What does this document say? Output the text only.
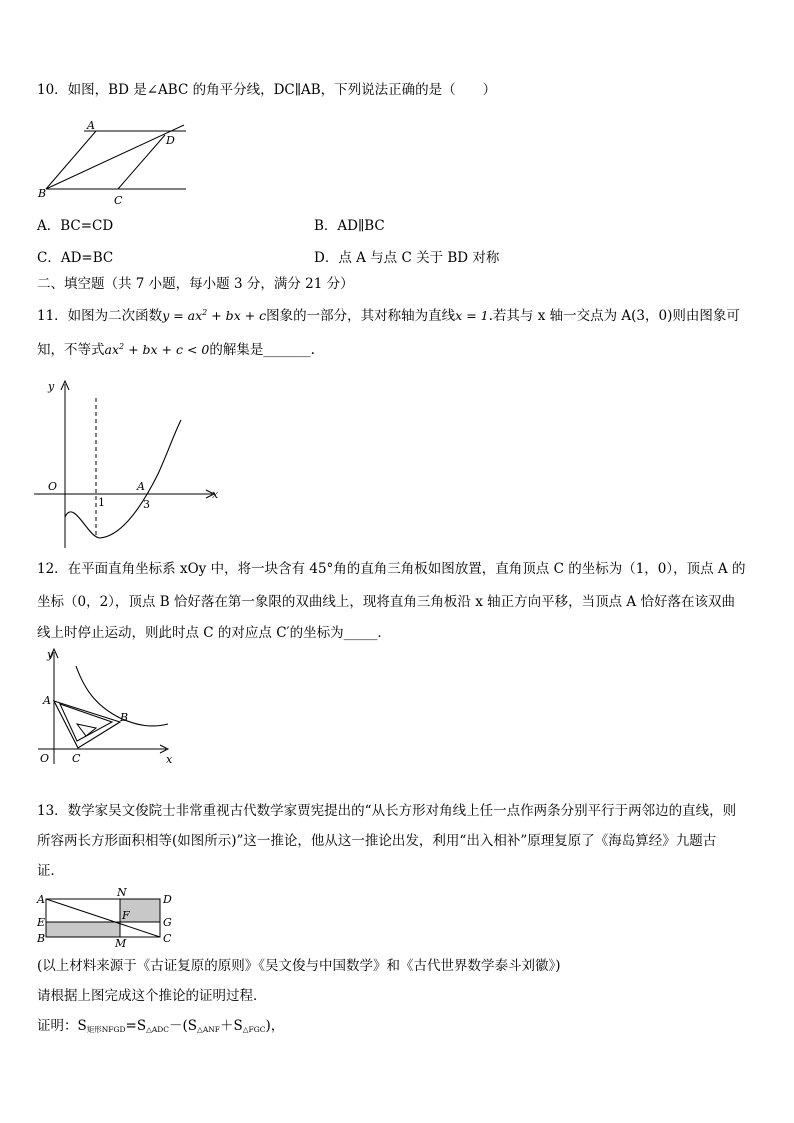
10．如图，BD 是∠ABC 的角平分线，DC∥AB，下列说法正确的是（　　）
A
D
B
C
A．BC=CD	B．AD∥BC
C．AD=BC	D．点 A 与点 C 关于 BD 对称
二、填空题（共 7 小题，每小题 3 分，满分 21 分）
11．如图为二次函数$y = ax^2$ + bx + c图象的一部分，其对称轴为直线x = 1.若其与 x 轴一交点为 A(3，0)则由图象可
知，不等式$ax^2$ + bx + c < 0的解集是_______.
y
x
O	A
1	3
12．在平面直角坐标系 xOy 中，将一块含有 45°角的直角三角板如图放置，直角顶点 C 的坐标为（1，0），顶点 A 的
坐标（0，2），顶点 B 恰好落在第一象限的双曲线上，现将直角三角板沿 x 轴正方向平移，当顶点 A 恰好落在该双曲
线上时停止运动，则此时点 C 的对应点 C′的坐标为_____．
y
x
O
A
B
C
13．数学家吴文俊院士非常重视古代数学家贾宪提出的“从长方形对角线上任一点作两条分别平行于两邻边的直线，则
所容两长方形面积相等(如图所示)”这一推论，他从这一推论出发，利用“出入相补”原理复原了《海岛算经》九题古
证．
A
E
B
N
D
F
G
M	C
(以上材料来源于《古证复原的原则》《吴文俊与中国数学》和《古代世界数学泰斗刘徽》)
请根据上图完成这个推论的证明过程．
证明：$S_{矩形NFGD}=S_{\triangle ADC}-(S_{\triangle ANF}+S_{\triangle FGC})$，
